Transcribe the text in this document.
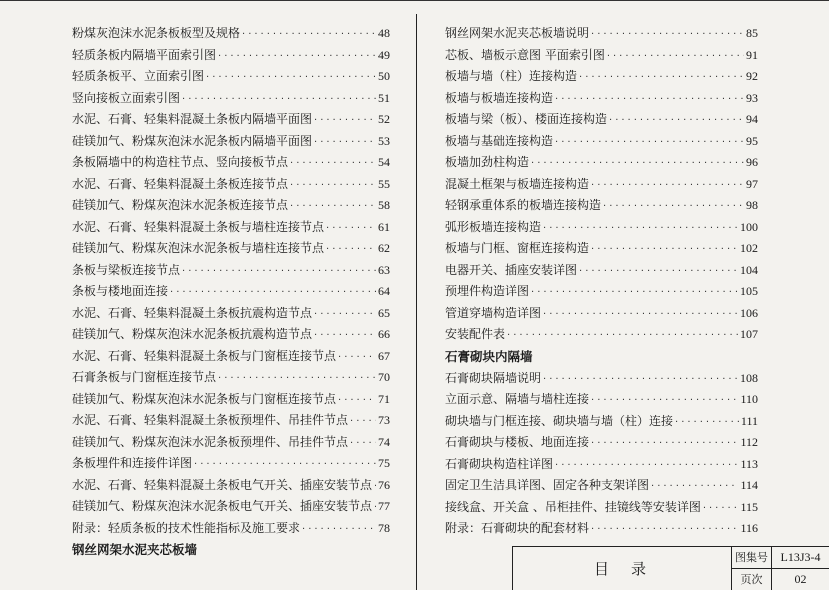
粉煤灰泡沫水泥条板板型及规格 ·····	48
轻质条板内隔墙平面索引图 ·····	49
轻质条板平、立面索引图 ·····	50
竖向接板立面索引图 ·····	51
水泥、石膏、轻集料混凝土条板内隔墙平面图 ·····	52
硅镁加气、粉煤灰泡沫水泥条板内隔墙平面图 ·····	53
条板隔墙中的构造柱节点、竖向接板节点 ·····	54
水泥、石膏、轻集料混凝土条板连接节点 ·····	55
硅镁加气、粉煤灰泡沫水泥条板连接节点 ·····	58
水泥、石膏、轻集料混凝土条板与墙柱连接节点 ·····	61
硅镁加气、粉煤灰泡沫水泥条板与墙柱连接节点 ·····	62
条板与梁板连接节点 ·····	63
条板与楼地面连接 ·····	64
水泥、石膏、轻集料混凝土条板抗震构造节点 ·····	65
硅镁加气、粉煤灰泡沫水泥条板抗震构造节点 ·····	66
水泥、石膏、轻集料混凝土条板与门窗框连接节点 ·····	67
石膏条板与门窗框连接节点 ·····	70
硅镁加气、粉煤灰泡沫水泥条板与门窗框连接节点 ·····	71
水泥、石膏、轻集料混凝土条板预埋件、吊挂件节点 ····· 73
硅镁加气、粉煤灰泡沫水泥条板预埋件、吊挂件节点 ····· 74
条板埋件和连接件详图 ·····	75
水泥、石膏、轻集料混凝土条板电气开关、插座安装节点 ····· 76
硅镁加气、粉煤灰泡沫水泥条板电气开关、插座安装节点 ····· 77
附录：轻质条板的技术性能指标及施工要求 ·····	78
钢丝网架水泥夹芯板墙
钢丝网架水泥夹芯板墙说明 ·····	85
芯板、墙板示意图 平面索引图 ·····	91
板墙与墙（柱）连接构造 ·····	92
板墙与板墙连接构造 ·····	93
板墙与梁（板）、楼面连接构造 ·····	94
板墙与基础连接构造 ·····	95
板墙加劲柱构造 ·····	96
混凝土框架与板墙连接构造 ·····	97
轻钢承重体系的板墙连接构造 ·····	98
弧形板墙连接构造 ·····	100
板墙与门框、窗框连接构造 ·····	102
电器开关、插座安装详图 ·····	104
预埋件构造详图 ·····	105
管道穿墙构造详图 ·····	106
安装配件表 ·····	107
石膏砌块内隔墙
石膏砌块隔墙说明 ·····	108
立面示意、隔墙与墙柱连接 ·····	110
砌块墙与门框连接、砌块墙与墙（柱）连接 ·····	111
石膏砌块与楼板、地面连接 ·····	112
石膏砌块构造柱详图 ·····	113
固定卫生洁具详图、固定各种支架详图 ·····	114
接线盒、开关盒 、吊柜挂件、挂镜线等安装详图 ·····	115
附录：石膏砌块的配套材料 ·····	116
目录
图集号	L13J3-4
页次	02
